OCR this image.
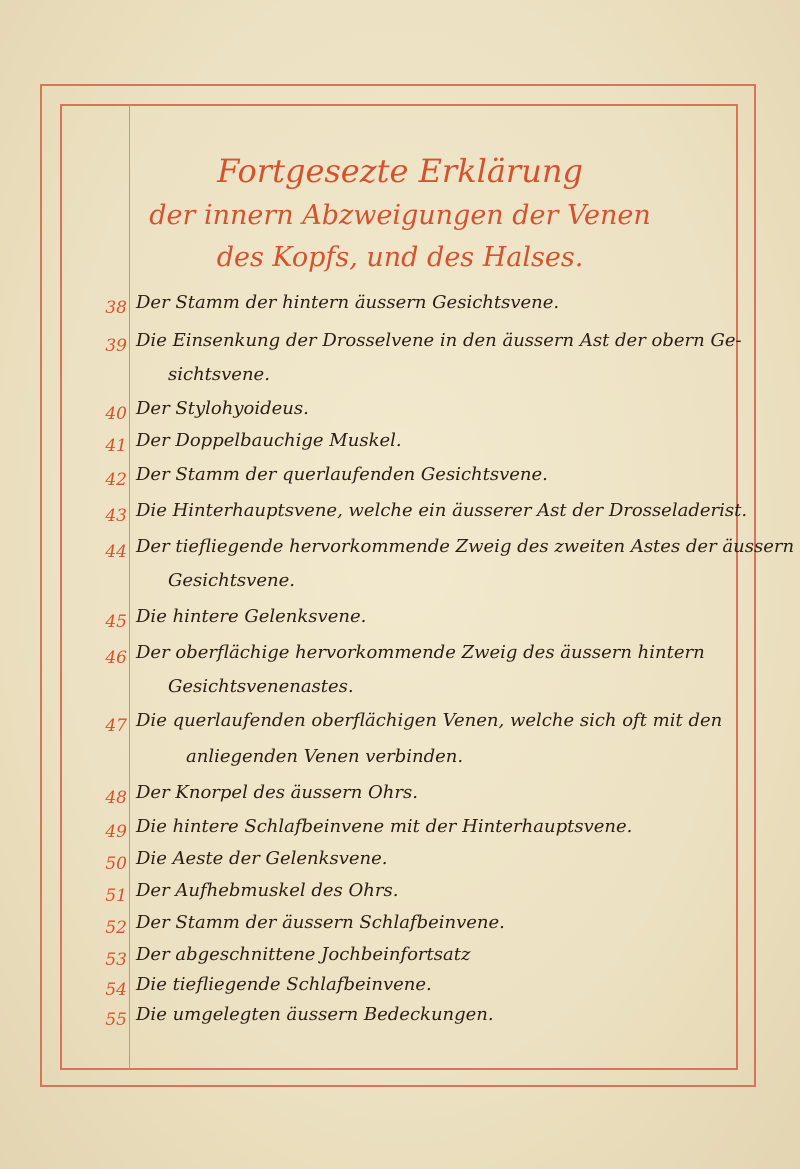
Fortgesezte Erklärung
der innern Abzweigungen der Venen
des Kopfs, und des Halses.
38 Der Stamm der hintern äussern Gesichtsvene.
39 Die Einsenkung der Drosselvene in den äussern Ast der obern Ge-
sichtsvene.
40 Der Stylohyoideus.
41 Der Doppelbauchige Muskel.
42 Der Stamm der querlaufenden Gesichtsvene.
43 Die Hinterhauptsvene, welche ein äusserer Ast der Drosseladerist.
44 Der tiefliegende hervorkommende Zweig des zweiten Astes der äussern
Gesichtsvene.
45 Die hintere Gelenksvene.
46 Der oberflächige hervorkommende Zweig des äussern hintern
Gesichtsvenenastes.
47 Die querlaufenden oberflächigen Venen, welche sich oft mit den
anliegenden Venen verbinden.
48 Der Knorpel des äussern Ohrs.
49 Die hintere Schlafbeinvene mit der Hinterhauptsvene.
50 Die Aeste der Gelenksvene.
51 Der Aufhebmuskel des Ohrs.
52 Der Stamm der äussern Schlafbeinvene.
53 Der abgeschnittene Jochbeinfortsatz
54 Die tiefliegende Schlafbeinvene.
55 Die umgelegten äussern Bedeckungen.
